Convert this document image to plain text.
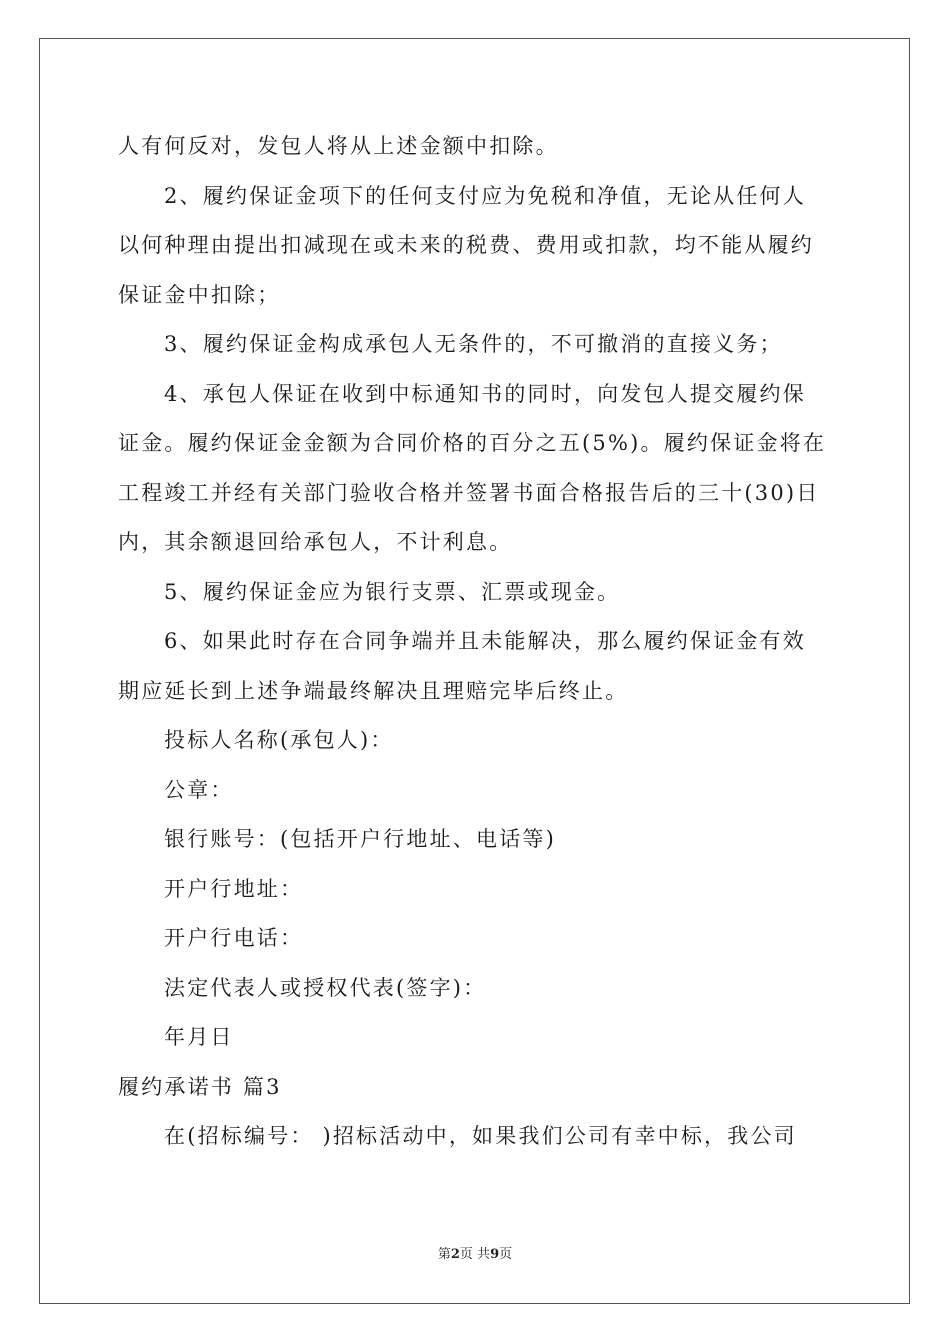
人有何反对，发包人将从上述金额中扣除。
2、履约保证金项下的任何支付应为免税和净值，无论从任何人
以何种理由提出扣减现在或未来的税费、费用或扣款，均不能从履约
保证金中扣除；
3、履约保证金构成承包人无条件的，不可撤消的直接义务；
4、承包人保证在收到中标通知书的同时，向发包人提交履约保
证金。履约保证金金额为合同价格的百分之五(5%)。履约保证金将在
工程竣工并经有关部门验收合格并签署书面合格报告后的三十(30)日
内，其余额退回给承包人，不计利息。
5、履约保证金应为银行支票、汇票或现金。
6、如果此时存在合同争端并且未能解决，那么履约保证金有效
期应延长到上述争端最终解决且理赔完毕后终止。
投标人名称(承包人)：
公章：
银行账号：(包括开户行地址、电话等)
开户行地址：
开户行电话：
法定代表人或授权代表(签字)：
年月日
履约承诺书 篇3
在(招标编号： )招标活动中，如果我们公司有幸中标，我公司
第2页 共9页
